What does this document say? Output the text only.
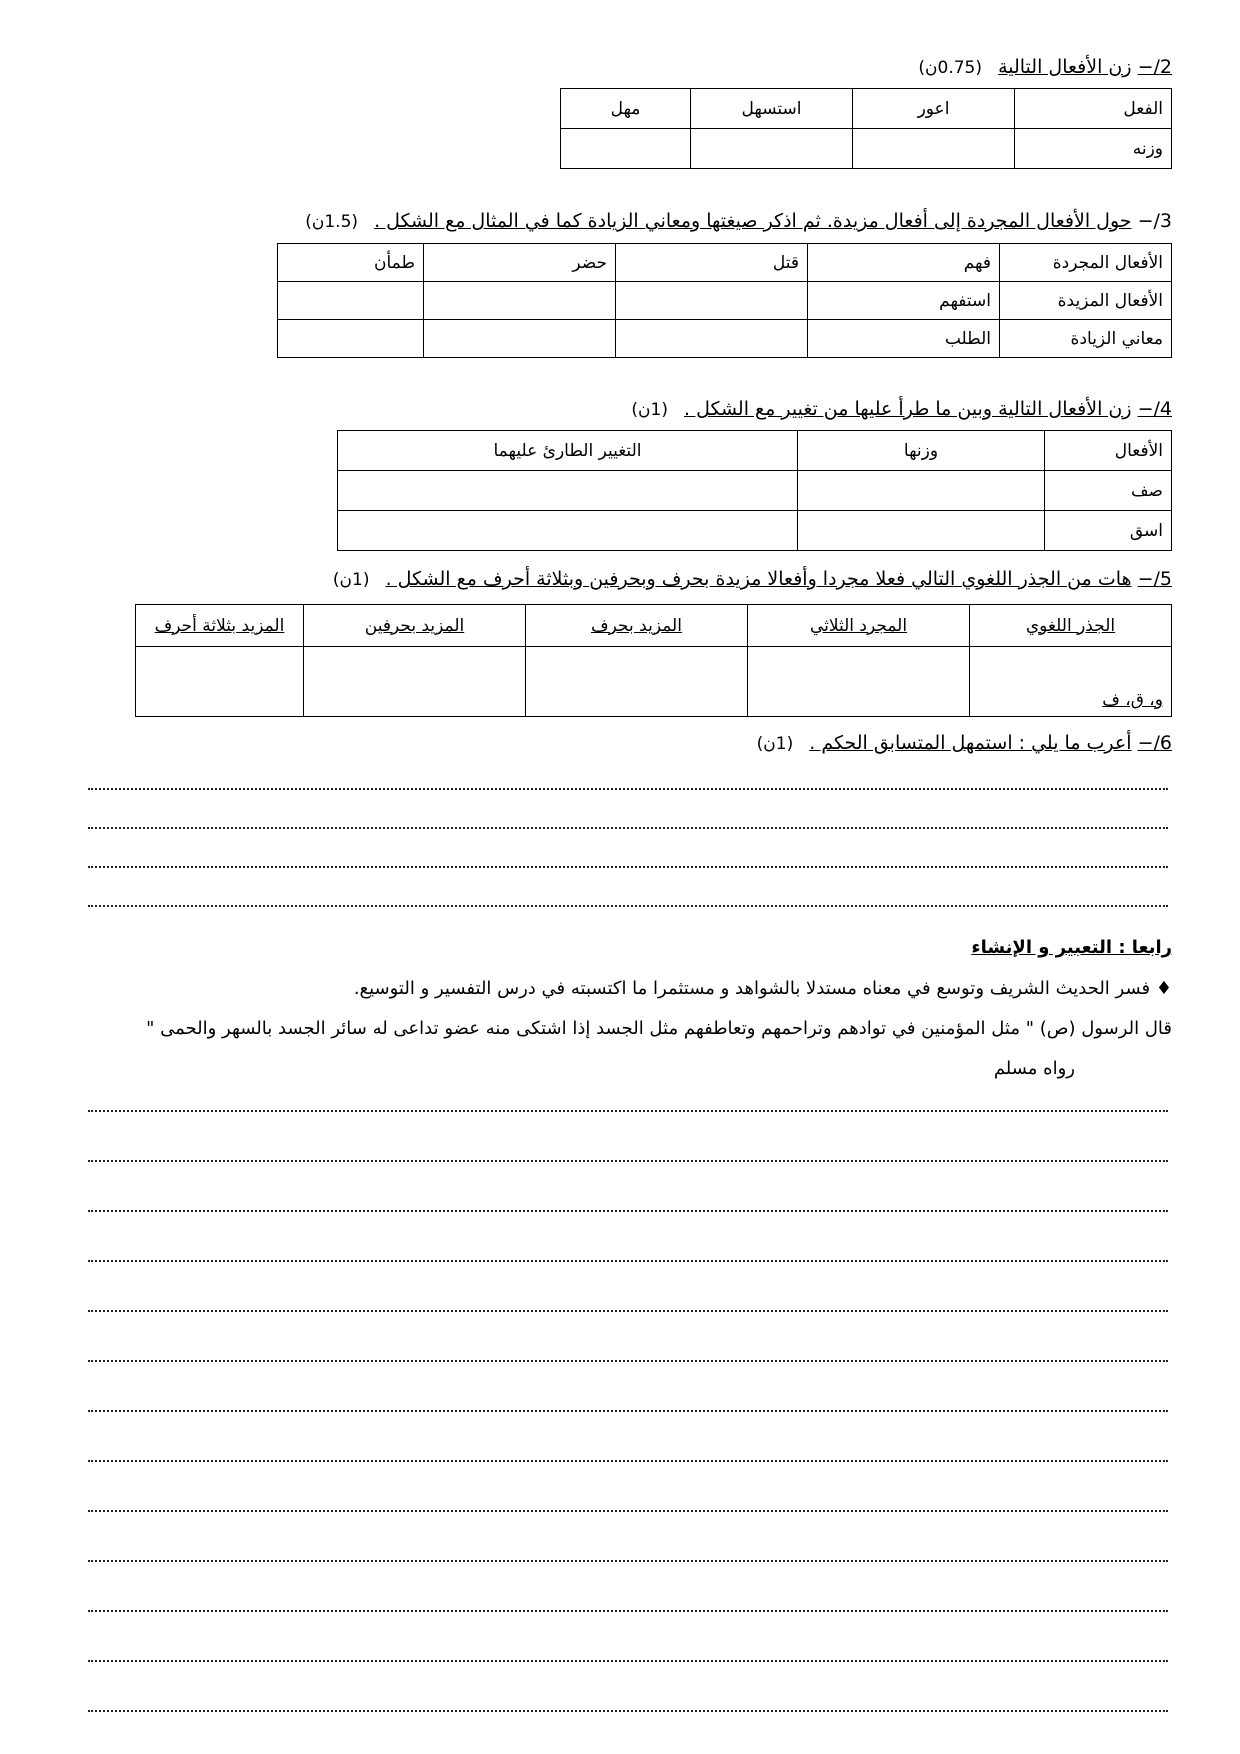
2/− زن الأفعال التالية (0.75ن)
الفعل	اعور	استسهل	مهل
وزنه			
3/− حول الأفعال المجردة إلى أفعال مزيدة. ثم اذكر صيغتها ومعاني الزيادة كما في المثال مع الشكل . (1.5ن)
الأفعال المجردة	فهم	قتل	حضر	طمأن
الأفعال المزيدة	استفهم			
معاني الزيادة	الطلب			
4/− زن الأفعال التالية وبين ما طرأ عليها من تغيير مع الشكل . (1ن)
الأفعال	وزنها	التغيير الطارئ عليهما
صف		
اسق		
5/− هات من الجذر اللغوي التالي فعلا مجردا وأفعالا مزيدة بحرف وبحرفين وبثلاثة أحرف مع الشكل . (1ن)
الجذر اللغوي	المجرد الثلاثي	المزيد بحرف	المزيد بحرفين	المزيد بثلاثة أحرف
و، ق، ف				
6/− أعرب ما يلي : استمهل المتسابق الحكم . (1ن)
رابعا : التعبير و الإنشاء
♦ فسر الحديث الشريف وتوسع في معناه مستدلا بالشواهد و مستثمرا ما اكتسبته في درس التفسير و التوسيع.
قال الرسول (ص) " مثل المؤمنين في توادهم وتراحمهم وتعاطفهم مثل الجسد إذا اشتكى منه عضو تداعى له سائر الجسد بالسهر والحمى "
رواه مسلم
